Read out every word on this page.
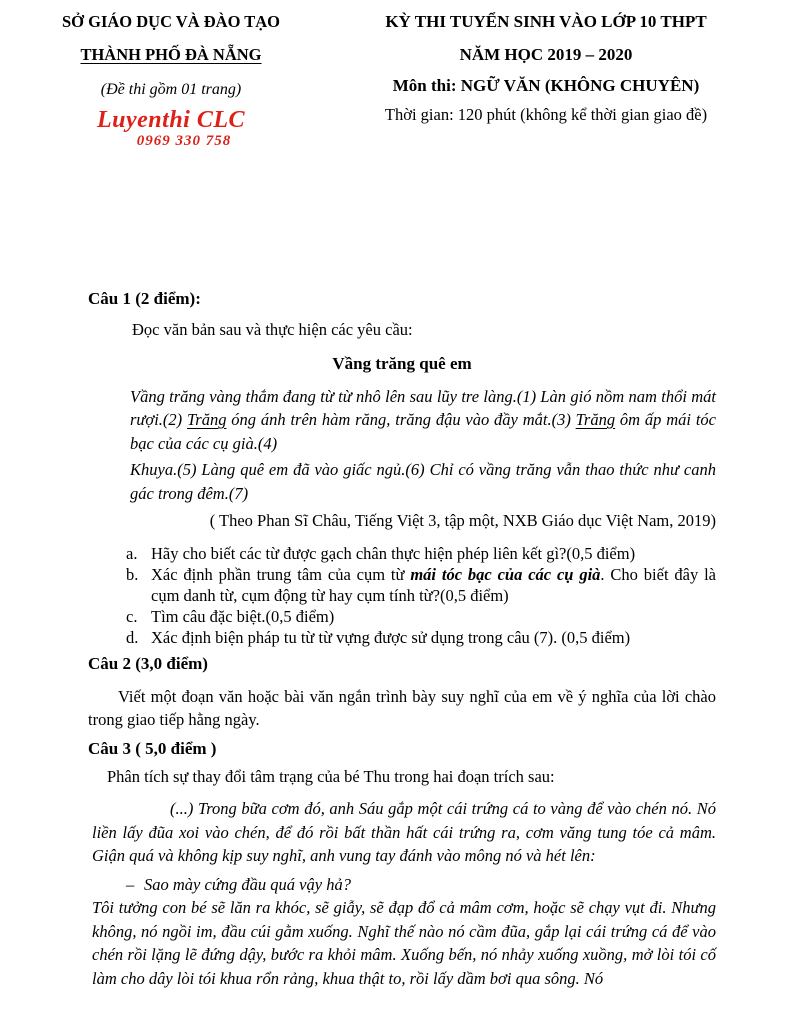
SỞ GIÁO DỤC VÀ ĐÀO TẠO
THÀNH PHỐ ĐÀ NẴNG
(Đề thi gồm 01 trang)
Luyenthi CLC
0969 330 758
KỲ THI TUYỂN SINH VÀO LỚP 10 THPT
NĂM HỌC 2019 – 2020
Môn thi: NGỮ VĂN (KHÔNG CHUYÊN)
Thời gian: 120 phút (không kể thời gian giao đề)
Câu 1 (2 điểm):
Đọc văn bản sau và thực hiện các yêu cầu:
Vầng trăng quê em
Vầng trăng vàng thắm đang từ từ nhô lên sau lũy tre làng.(1) Làn gió nồm nam thổi mát rượi.(2) Trăng óng ánh trên hàm răng, trăng đậu vào đầy mắt.(3) Trăng ôm ấp mái tóc bạc của các cụ già.(4)
Khuya.(5) Làng quê em đã vào giấc ngủ.(6) Chỉ có vầng trăng vẫn thao thức như canh gác trong đêm.(7)
( Theo Phan Sĩ Châu, Tiếng Việt 3, tập một, NXB Giáo dục Việt Nam, 2019)
a. Hãy cho biết các từ được gạch chân thực hiện phép liên kết gì?(0,5 điểm)
b. Xác định phần trung tâm của cụm từ mái tóc bạc của các cụ già. Cho biết đây là cụm danh từ, cụm động từ hay cụm tính từ?(0,5 điểm)
c. Tìm câu đặc biệt.(0,5 điểm)
d. Xác định biện pháp tu từ từ vựng được sử dụng trong câu (7). (0,5 điểm)
Câu 2 (3,0 điểm)
Viết một đoạn văn hoặc bài văn ngắn trình bày suy nghĩ của em về ý nghĩa của lời chào trong giao tiếp hằng ngày.
Câu 3 ( 5,0 điểm )
Phân tích sự thay đổi tâm trạng của bé Thu trong hai đoạn trích sau:
(...) Trong bữa cơm đó, anh Sáu gắp một cái trứng cá to vàng để vào chén nó. Nó liền lấy đũa xoi vào chén, để đó rồi bất thần hất cái trứng ra, cơm văng tung tóe cả mâm. Giận quá và không kịp suy nghĩ, anh vung tay đánh vào mông nó và hét lên:
– Sao mày cứng đầu quá vậy hả?
Tôi tưởng con bé sẽ lăn ra khóc, sẽ giẫy, sẽ đạp đổ cả mâm cơm, hoặc sẽ chạy vụt đi. Nhưng không, nó ngồi im, đầu cúi gằm xuống. Nghĩ thế nào nó cầm đũa, gắp lại cái trứng cá để vào chén rồi lặng lẽ đứng dậy, bước ra khỏi mâm. Xuống bến, nó nhảy xuống xuồng, mở lòi tói cố làm cho dây lòi tói khua rổn rảng, khua thật to, rồi lấy dầm bơi qua sông. Nó
